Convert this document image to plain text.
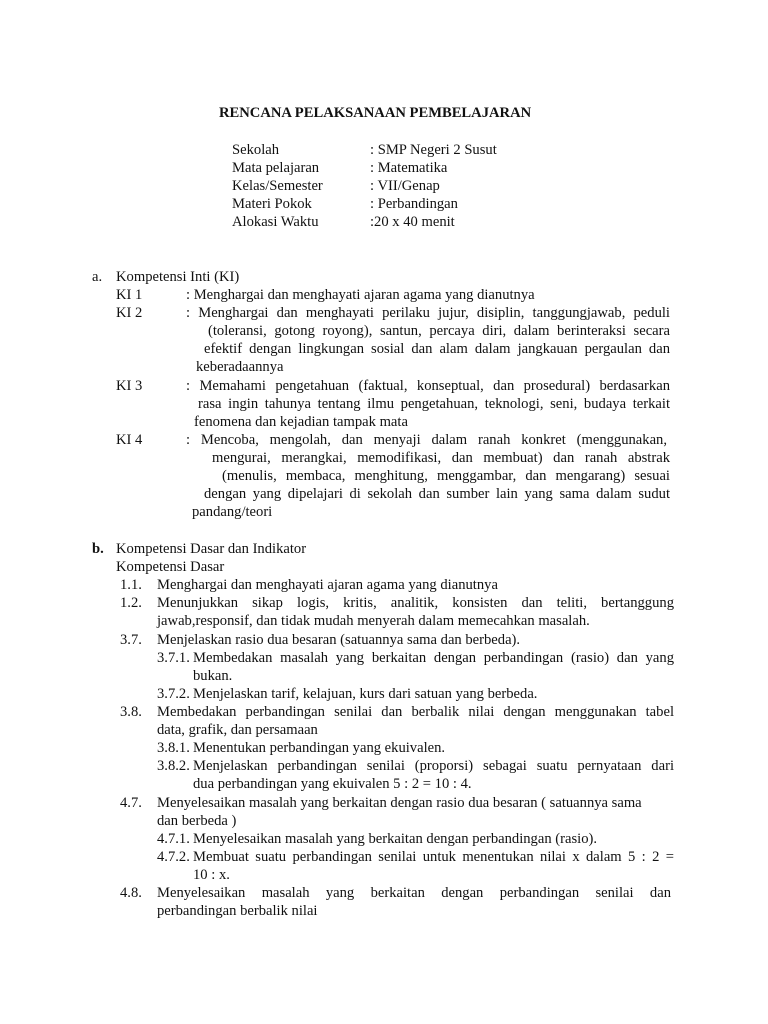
RENCANA PELAKSANAAN PEMBELAJARAN
Sekolah	: SMP Negeri 2 Susut
Mata pelajaran	: Matematika
Kelas/Semester	: VII/Genap
Materi Pokok	: Perbandingan
Alokasi Waktu	:20 x 40 menit
a. Kompetensi Inti (KI)
KI 1	: Menghargai dan menghayati ajaran agama yang dianutnya
KI 2	: Menghargai dan menghayati perilaku jujur, disiplin, tanggungjawab, peduli
(toleransi, gotong royong), santun, percaya diri, dalam berinteraksi secara
efektif dengan lingkungan sosial dan alam dalam jangkauan pergaulan dan
keberadaannya
KI 3	: Memahami pengetahuan (faktual, konseptual, dan prosedural) berdasarkan
rasa ingin tahunya tentang ilmu pengetahuan, teknologi, seni, budaya terkait
fenomena dan kejadian tampak mata
KI 4	: Mencoba, mengolah, dan menyaji dalam ranah konkret (menggunakan,
mengurai, merangkai, memodifikasi, dan membuat) dan ranah abstrak
(menulis, membaca, menghitung, menggambar, dan mengarang) sesuai
dengan yang dipelajari di sekolah dan sumber lain yang sama dalam sudut
pandang/teori
b. Kompetensi Dasar dan Indikator
Kompetensi Dasar
1.1. Menghargai dan menghayati ajaran agama yang dianutnya
1.2. Menunjukkan sikap logis, kritis, analitik, konsisten dan teliti, bertanggung
jawab,responsif, dan tidak mudah menyerah dalam memecahkan masalah.
3.7. Menjelaskan rasio dua besaran (satuannya sama dan berbeda).
3.7.1. Membedakan masalah yang berkaitan dengan perbandingan (rasio) dan yang
bukan.
3.7.2. Menjelaskan tarif, kelajuan, kurs dari satuan yang berbeda.
3.8. Membedakan perbandingan senilai dan berbalik nilai dengan menggunakan tabel
data, grafik, dan persamaan
3.8.1. Menentukan perbandingan yang ekuivalen.
3.8.2. Menjelaskan perbandingan senilai (proporsi) sebagai suatu pernyataan dari
dua perbandingan yang ekuivalen 5 : 2 = 10 : 4.
4.7. Menyelesaikan masalah yang berkaitan dengan rasio dua besaran ( satuannya sama
dan berbeda )
4.7.1. Menyelesaikan masalah yang berkaitan dengan perbandingan (rasio).
4.7.2. Membuat suatu perbandingan senilai untuk menentukan nilai x dalam 5 : 2 =
10 : x.
4.8. Menyelesaikan masalah yang berkaitan dengan perbandingan senilai dan
perbandingan berbalik nilai
